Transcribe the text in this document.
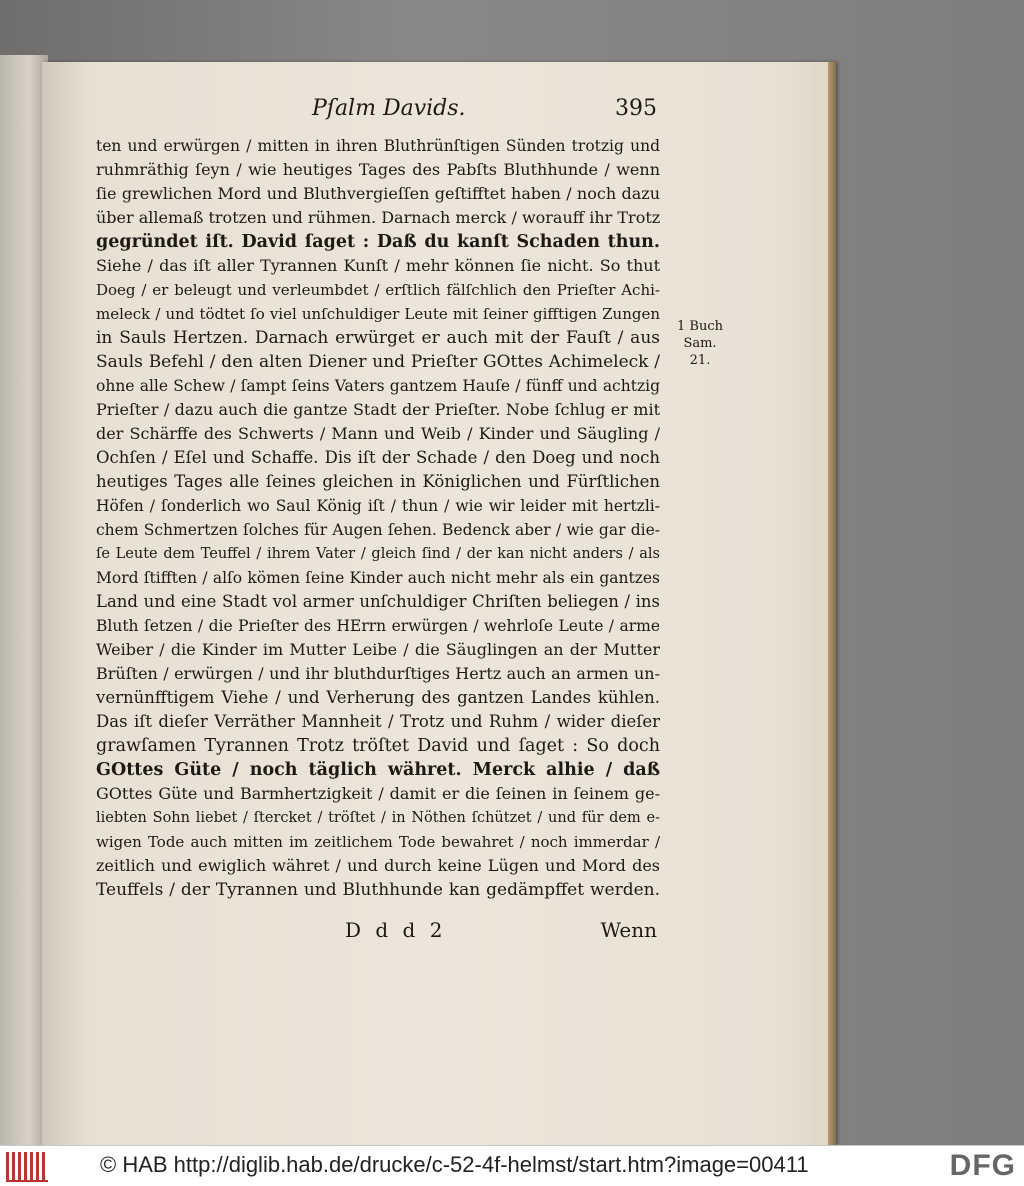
Pſalm Davids.	395
ten und erwürgen / mitten in ihren Bluthrünſtigen Sünden trotzig und
ruhmräthig ſeyn / wie heutiges Tages des Pabſts Bluthhunde / wenn
ſie grewlichen Mord und Bluthvergieſſen geſtifftet haben / noch dazu
über allemaß trotzen und rühmen. Darnach merck / worauff ihr Trotz
gegründet iſt. David ſaget : Daß du kanſt Schaden thun.
Siehe / das iſt aller Tyrannen Kunſt / mehr können ſie nicht. So thut
Doeg / er beleugt und verleumbdet / erſtlich fälſchlich den Prieſter Achi-
meleck / und tödtet ſo viel unſchuldiger Leute mit ſeiner gifftigen Zungen
in Sauls Hertzen. Darnach erwürget er auch mit der Fauſt / aus
Sauls Befehl / den alten Diener und Prieſter GOttes Achimeleck /
ohne alle Schew / ſampt ſeins Vaters gantzem Hauſe / fünff und achtzig
Prieſter / dazu auch die gantze Stadt der Prieſter. Nobe ſchlug er mit
der Schärffe des Schwerts / Mann und Weib / Kinder und Säugling /
Ochſen / Eſel und Schaffe. Dis iſt der Schade / den Doeg und noch
heutiges Tages alle ſeines gleichen in Königlichen und Fürſtlichen
Höfen / ſonderlich wo Saul König iſt / thun / wie wir leider mit hertzli-
chem Schmertzen ſolches für Augen ſehen. Bedenck aber / wie gar die-
ſe Leute dem Teuffel / ihrem Vater / gleich ſind / der kan nicht anders / als
Mord ſtifften / alſo kömen ſeine Kinder auch nicht mehr als ein gantzes
Land und eine Stadt vol armer unſchuldiger Chriſten beliegen / ins
Bluth ſetzen / die Prieſter des HErrn erwürgen / wehrloſe Leute / arme
Weiber / die Kinder im Mutter Leibe / die Säuglingen an der Mutter
Brüſten / erwürgen / und ihr bluthdurſtiges Hertz auch an armen un-
vernünfftigem Viehe / und Verherung des gantzen Landes kühlen.
Das iſt dieſer Verräther Mannheit / Trotz und Ruhm / wider dieſer
grawſamen Tyrannen Trotz tröſtet David und ſaget : So doch
GOttes Güte / noch täglich währet. Merck alhie / daß
GOttes Güte und Barmhertzigkeit / damit er die ſeinen in ſeinem ge-
liebten Sohn liebet / ſtercket / tröſtet / in Nöthen ſchützet / und für dem e-
wigen Tode auch mitten im zeitlichem Tode bewahret / noch immerdar /
zeitlich und ewiglich währet / und durch keine Lügen und Mord des
Teuffels / der Tyrannen und Bluthhunde kan gedämpffet werden.
1 Buch
Sam.
21.
D d d 2	Wenn
© HAB http://diglib.hab.de/drucke/c-52-4f-helmst/start.htm?image=00411	DFG
